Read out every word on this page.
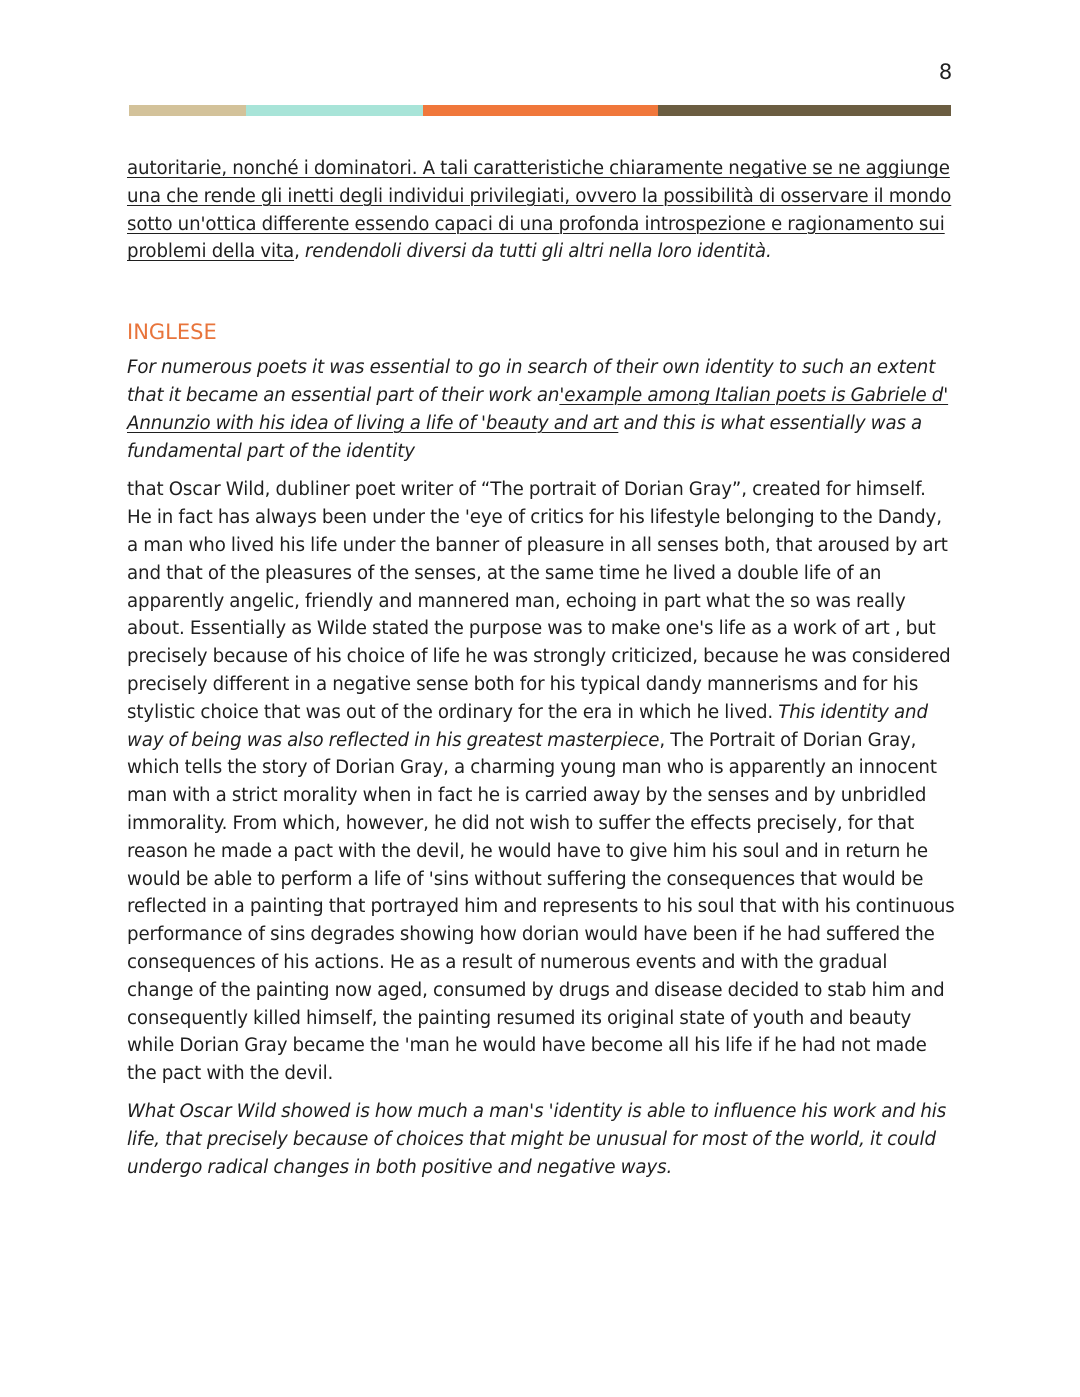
8

autoritarie, nonché i dominatori. A tali caratteristiche chiaramente negative se ne aggiunge una che rende gli inetti degli individui privilegiati, ovvero la possibilità di osservare il mondo sotto un'ottica differente essendo capaci di una profonda introspezione e ragionamento sui problemi della vita, rendendoli diversi da tutti gli altri nella loro identità.

INGLESE

For numerous poets it was essential to go in search of their own identity to such an extent that it became an essential part of their work an'example among Italian poets is Gabriele d' Annunzio with his idea of living a life of 'beauty and art and this is what essentially was a fundamental part of the identity

that Oscar Wild, dubliner poet writer of “The portrait of Dorian Gray”, created for himself. He in fact has always been under the 'eye of critics for his lifestyle belonging to the Dandy, a man who lived his life under the banner of pleasure in all senses both, that aroused by art and that of the pleasures of the senses, at the same time he lived a double life of an apparently angelic, friendly and mannered man, echoing in part what the so was really about. Essentially as Wilde stated the purpose was to make one's life as a work of art , but precisely because of his choice of life he was strongly criticized, because he was considered precisely different in a negative sense both for his typical dandy mannerisms and for his stylistic choice that was out of the ordinary for the era in which he lived. This identity and way of being was also reflected in his greatest masterpiece, The Portrait of Dorian Gray, which tells the story of Dorian Gray, a charming young man who is apparently an innocent man with a strict morality when in fact he is carried away by the senses and by unbridled immorality. From which, however, he did not wish to suffer the effects precisely, for that reason he made a pact with the devil, he would have to give him his soul and in return he would be able to perform a life of 'sins without suffering the consequences that would be reflected in a painting that portrayed him and represents to his soul that with his continuous performance of sins degrades showing how dorian would have been if he had suffered the consequences of his actions. He as a result of numerous events and with the gradual change of the painting now aged, consumed by drugs and disease decided to stab him and consequently killed himself, the painting resumed its original state of youth and beauty while Dorian Gray became the 'man he would have become all his life if he had not made the pact with the devil.

What Oscar Wild showed is how much a man's 'identity is able to influence his work and his life, that precisely because of choices that might be unusual for most of the world, it could undergo radical changes in both positive and negative ways.
